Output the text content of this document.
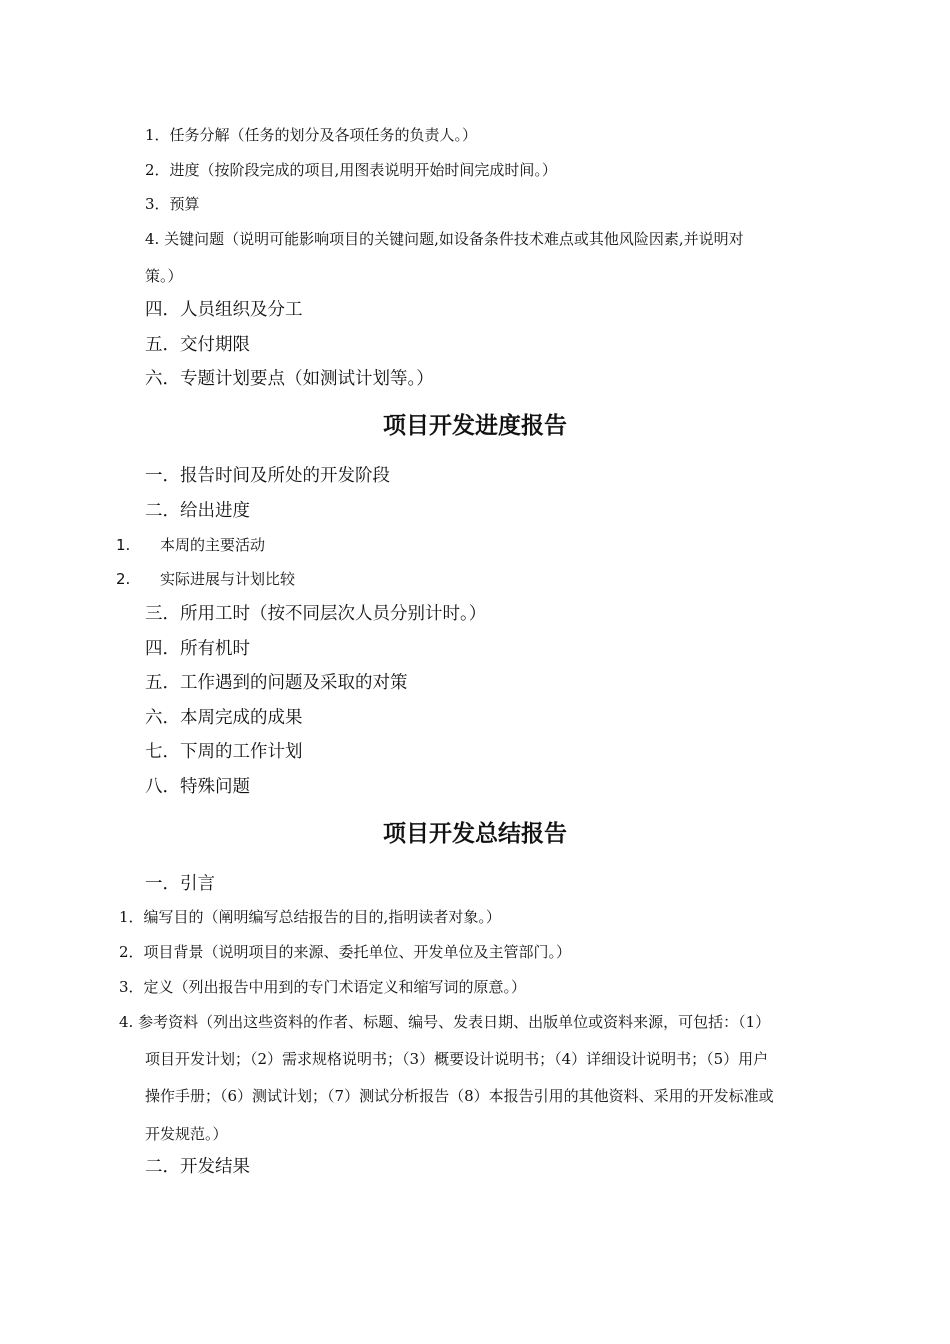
1．任务分解（任务的划分及各项任务的负责人。）
2．进度（按阶段完成的项目,用图表说明开始时间完成时间。）
3．预算
4. 关键问题（说明可能影响项目的关键问题,如设备条件技术难点或其他风险因素,并说明对
策。）
四．人员组织及分工
五．交付期限
六．专题计划要点（如测试计划等。）
项目开发进度报告
一．报告时间及所处的开发阶段
二．给出进度
1. 本周的主要活动
2. 实际进展与计划比较
三．所用工时（按不同层次人员分别计时。）
四．所有机时
五．工作遇到的问题及采取的对策
六．本周完成的成果
七．下周的工作计划
八．特殊问题
项目开发总结报告
一．引言
1．编写目的（阐明编写总结报告的目的,指明读者对象。）
2．项目背景（说明项目的来源、委托单位、开发单位及主管部门。）
3．定义（列出报告中用到的专门术语定义和缩写词的原意。）
4. 参考资料（列出这些资料的作者、标题、编号、发表日期、出版单位或资料来源，可包括：（1）
项目开发计划；（2）需求规格说明书；（3）概要设计说明书；（4）详细设计说明书；（5）用户
操作手册；（6）测试计划；（7）测试分析报告（8）本报告引用的其他资料、采用的开发标准或
开发规范。）
二．开发结果
